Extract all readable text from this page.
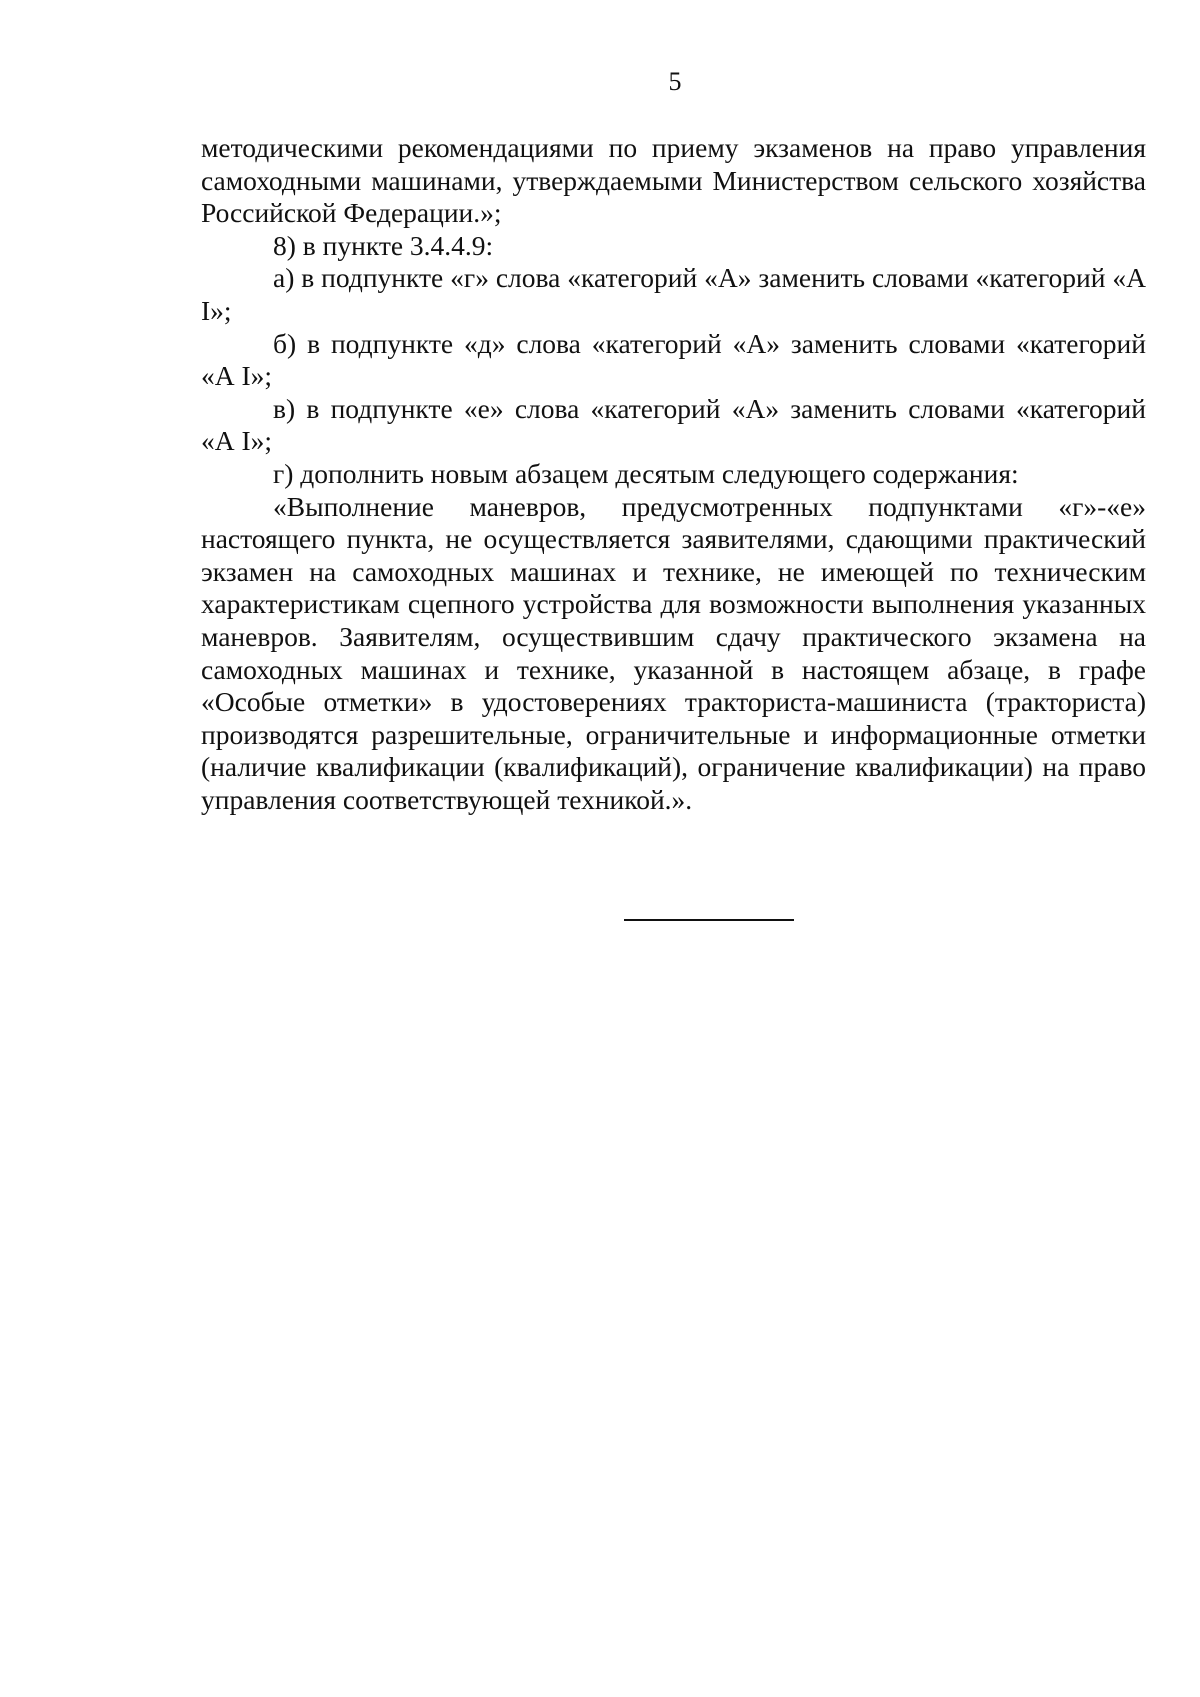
5

методическими рекомендациями по приему экзаменов на право управления самоходными машинами, утверждаемыми Министерством сельского хозяйства Российской Федерации.»;

8) в пункте 3.4.4.9:

а) в подпункте «г» слова «категорий «А» заменить словами «категорий «А I»;

б) в подпункте «д» слова «категорий «А» заменить словами «категорий «А I»;

в) в подпункте «е» слова «категорий «А» заменить словами «категорий «А I»;

г) дополнить новым абзацем десятым следующего содержания:

«Выполнение маневров, предусмотренных подпунктами «г»-«е» настоящего пункта, не осуществляется заявителями, сдающими практический экзамен на самоходных машинах и технике, не имеющей по техническим характеристикам сцепного устройства для возможности выполнения указанных маневров. Заявителям, осуществившим сдачу практического экзамена на самоходных машинах и технике, указанной в настоящем абзаце, в графе «Особые отметки» в удостоверениях тракториста-машиниста (тракториста) производятся разрешительные, ограничительные и информационные отметки (наличие квалификации (квалификаций), ограничение квалификации) на право управления соответствующей техникой.».
